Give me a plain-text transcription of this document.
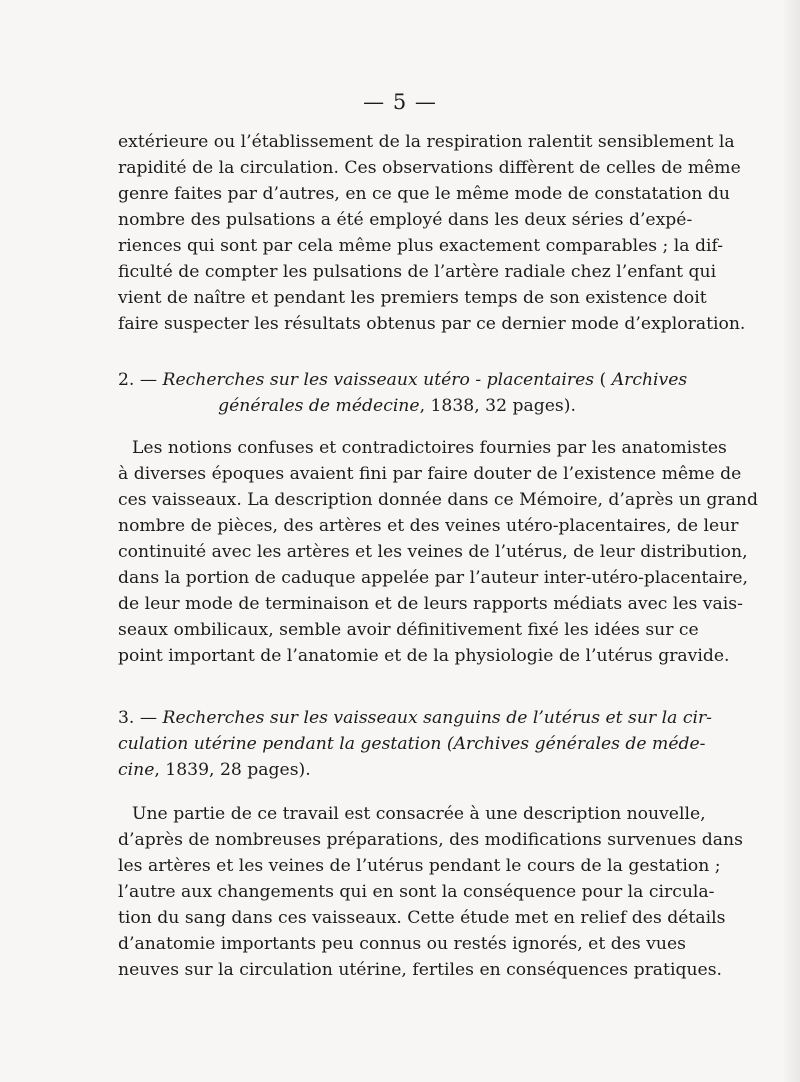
— 5 —
extérieure ou l’établissement de la respiration ralentit sensiblement la
rapidité de la circulation. Ces observations diffèrent de celles de même
genre faites par d’autres, en ce que le même mode de constatation du
nombre des pulsations a été employé dans les deux séries d’expé-
riences qui sont par cela même plus exactement comparables ; la dif-
ficulté de compter les pulsations de l’artère radiale chez l’enfant qui
vient de naître et pendant les premiers temps de son existence doit
faire suspecter les résultats obtenus par ce dernier mode d’exploration.
2. — Recherches sur les vaisseaux utéro - placentaires ( Archives
générales de médecine, 1838, 32 pages).
Les notions confuses et contradictoires fournies par les anatomistes
à diverses époques avaient fini par faire douter de l’existence même de
ces vaisseaux. La description donnée dans ce Mémoire, d’après un grand
nombre de pièces, des artères et des veines utéro-placentaires, de leur
continuité avec les artères et les veines de l’utérus, de leur distribution,
dans la portion de caduque appelée par l’auteur inter-utéro-placentaire,
de leur mode de terminaison et de leurs rapports médiats avec les vais-
seaux ombilicaux, semble avoir définitivement fixé les idées sur ce
point important de l’anatomie et de la physiologie de l’utérus gravide.
3. — Recherches sur les vaisseaux sanguins de l’utérus et sur la cir-
culation utérine pendant la gestation (Archives générales de méde-
cine, 1839, 28 pages).
Une partie de ce travail est consacrée à une description nouvelle,
d’après de nombreuses préparations, des modifications survenues dans
les artères et les veines de l’utérus pendant le cours de la gestation ;
l’autre aux changements qui en sont la conséquence pour la circula-
tion du sang dans ces vaisseaux. Cette étude met en relief des détails
d’anatomie importants peu connus ou restés ignorés, et des vues
neuves sur la circulation utérine, fertiles en conséquences pratiques.
